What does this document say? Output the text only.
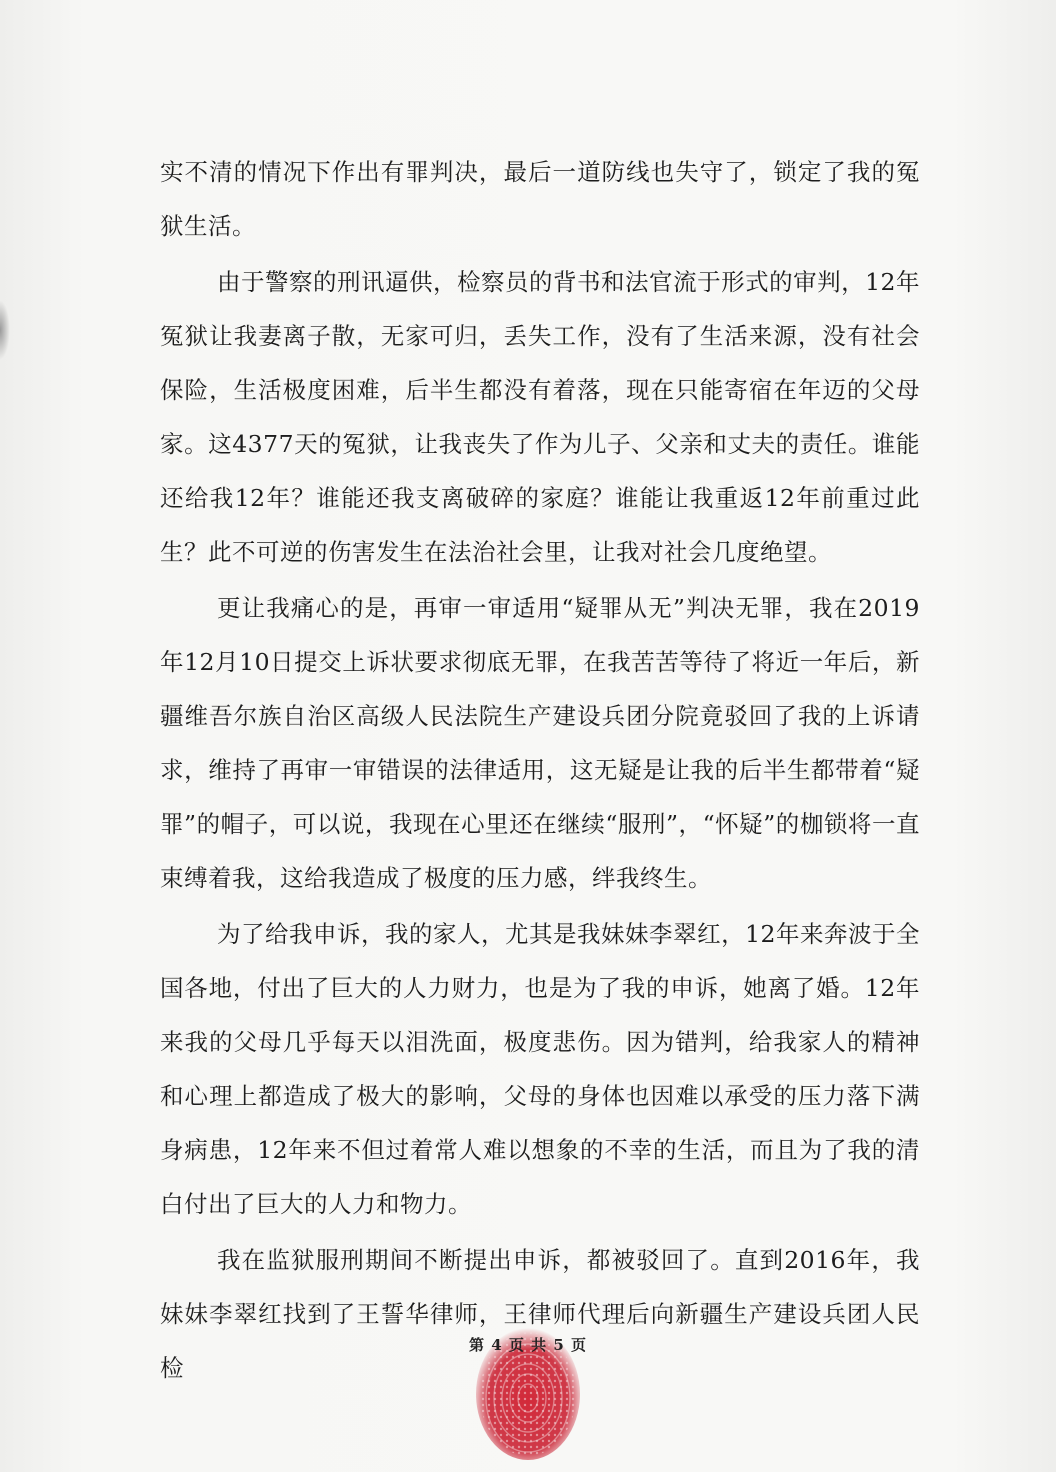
实不清的情况下作出有罪判决，最后一道防线也失守了，锁定了我的冤狱生活。

由于警察的刑讯逼供，检察员的背书和法官流于形式的审判，12年冤狱让我妻离子散，无家可归，丢失工作，没有了生活来源，没有社会保险，生活极度困难，后半生都没有着落，现在只能寄宿在年迈的父母家。这4377天的冤狱，让我丧失了作为儿子、父亲和丈夫的责任。谁能还给我12年？谁能还我支离破碎的家庭？谁能让我重返12年前重过此生？此不可逆的伤害发生在法治社会里，让我对社会几度绝望。

更让我痛心的是，再审一审适用“疑罪从无”判决无罪，我在2019年12月10日提交上诉状要求彻底无罪，在我苦苦等待了将近一年后，新疆维吾尔族自治区高级人民法院生产建设兵团分院竟驳回了我的上诉请求，维持了再审一审错误的法律适用，这无疑是让我的后半生都带着“疑罪”的帽子，可以说，我现在心里还在继续“服刑”，“怀疑”的枷锁将一直束缚着我，这给我造成了极度的压力感，绊我终生。

为了给我申诉，我的家人，尤其是我妹妹李翠红，12年来奔波于全国各地，付出了巨大的人力财力，也是为了我的申诉，她离了婚。12年来我的父母几乎每天以泪洗面，极度悲伤。因为错判，给我家人的精神和心理上都造成了极大的影响，父母的身体也因难以承受的压力落下满身病患，12年来不但过着常人难以想象的不幸的生活，而且为了我的清白付出了巨大的人力和物力。

我在监狱服刑期间不断提出申诉，都被驳回了。直到2016年，我妹妹李翠红找到了王誓华律师，王律师代理后向新疆生产建设兵团人民检

第 4 页 共 5 页
